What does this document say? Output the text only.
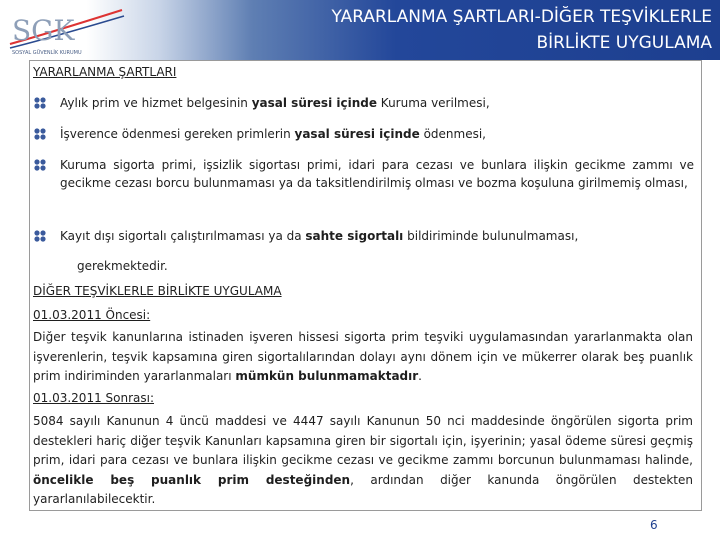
SGK
SOSYAL GÜVENLİK KURUMU
YARARLANMA ŞARTLARI-DİĞER TEŞVİKLERLE
BİRLİKTE UYGULAMA
YARARLANMA ŞARTLARI
Aylık prim ve hizmet belgesinin yasal süresi içinde Kuruma verilmesi,
İşverence ödenmesi gereken primlerin yasal süresi içinde ödenmesi,
Kuruma sigorta primi, işsizlik sigortası primi, idari para cezası ve bunlara ilişkin gecikme zammı ve gecikme cezası borcu bulunmaması ya da taksitlendirilmiş olması ve bozma koşuluna girilmemiş olması,
Kayıt dışı sigortalı çalıştırılmaması ya da sahte sigortalı bildiriminde bulunulmaması,
gerekmektedir.
DİĞER TEŞVİKLERLE BİRLİKTE UYGULAMA
01.03.2011 Öncesi:
Diğer teşvik kanunlarına istinaden işveren hissesi sigorta prim teşviki uygulamasından yararlanmakta olan işverenlerin, teşvik kapsamına giren sigortalılarından dolayı aynı dönem için ve mükerrer olarak beş puanlık prim indiriminden yararlanmaları mümkün bulunmamaktadır.
01.03.2011 Sonrası:
5084 sayılı Kanunun 4 üncü maddesi ve 4447 sayılı Kanunun 50 nci maddesinde öngörülen sigorta prim destekleri hariç diğer teşvik Kanunları kapsamına giren bir sigortalı için, işyerinin; yasal ödeme süresi geçmiş prim, idari para cezası ve bunlara ilişkin gecikme cezası ve gecikme zammı borcunun bulunmaması halinde, öncelikle beş puanlık prim desteğinden, ardından diğer kanunda öngörülen destekten yararlanılabilecektir.
6
